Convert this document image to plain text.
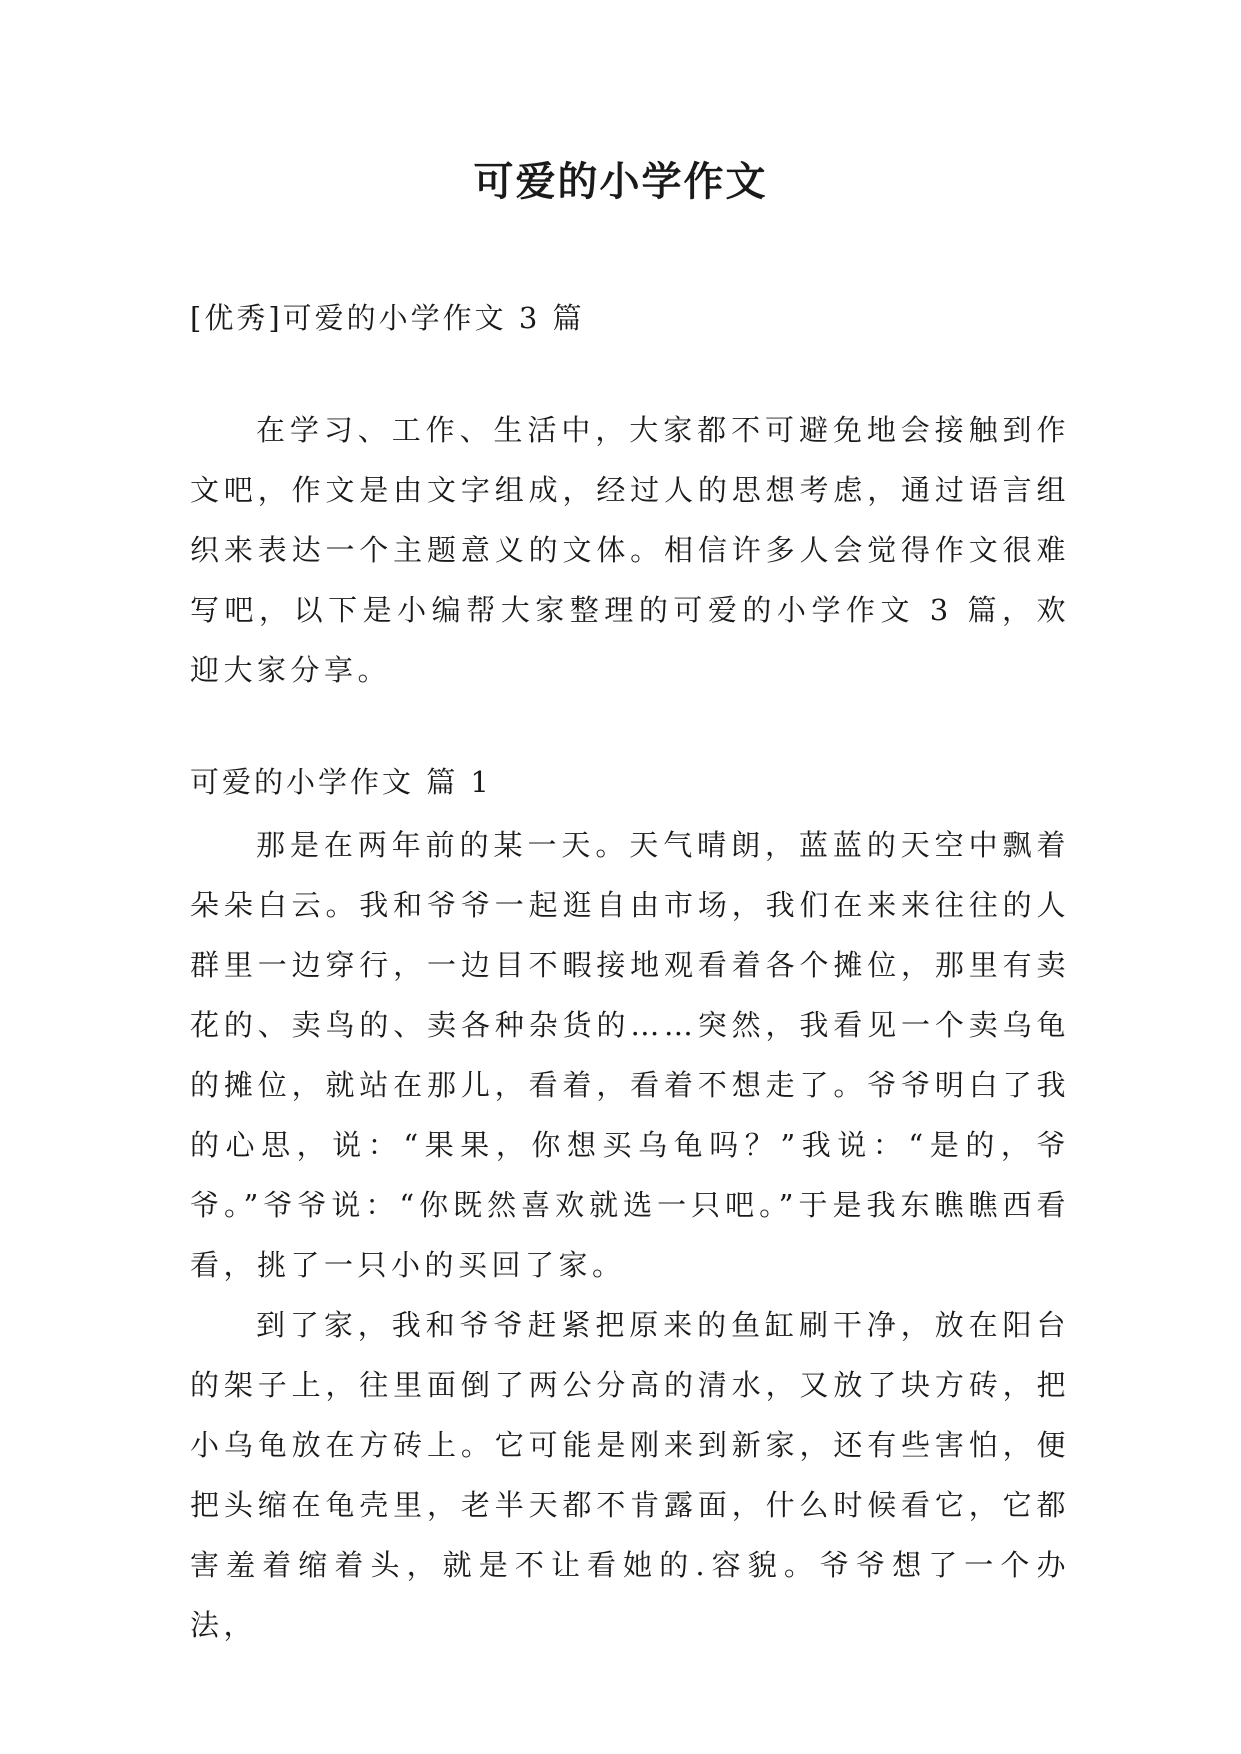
可爱的小学作文

[优秀]可爱的小学作文 3 篇

在学习、工作、生活中，大家都不可避免地会接触到作文吧，作文是由文字组成，经过人的思想考虑，通过语言组织来表达一个主题意义的文体。相信许多人会觉得作文很难写吧，以下是小编帮大家整理的可爱的小学作文 3 篇，欢迎大家分享。

可爱的小学作文 篇 1

那是在两年前的某一天。天气晴朗，蓝蓝的天空中飘着朵朵白云。我和爷爷一起逛自由市场，我们在来来往往的人群里一边穿行，一边目不暇接地观看着各个摊位，那里有卖花的、卖鸟的、卖各种杂货的……突然，我看见一个卖乌龟的摊位，就站在那儿，看着，看着不想走了。爷爷明白了我的心思，说：“果果，你想买乌龟吗？”我说：“是的，爷爷。”爷爷说：“你既然喜欢就选一只吧。”于是我东瞧瞧西看看，挑了一只小的买回了家。

到了家，我和爷爷赶紧把原来的鱼缸刷干净，放在阳台的架子上，往里面倒了两公分高的清水，又放了块方砖，把小乌龟放在方砖上。它可能是刚来到新家，还有些害怕，便把头缩在龟壳里，老半天都不肯露面，什么时候看它，它都害羞着缩着头，就是不让看她的.容貌。爷爷想了一个办法，
